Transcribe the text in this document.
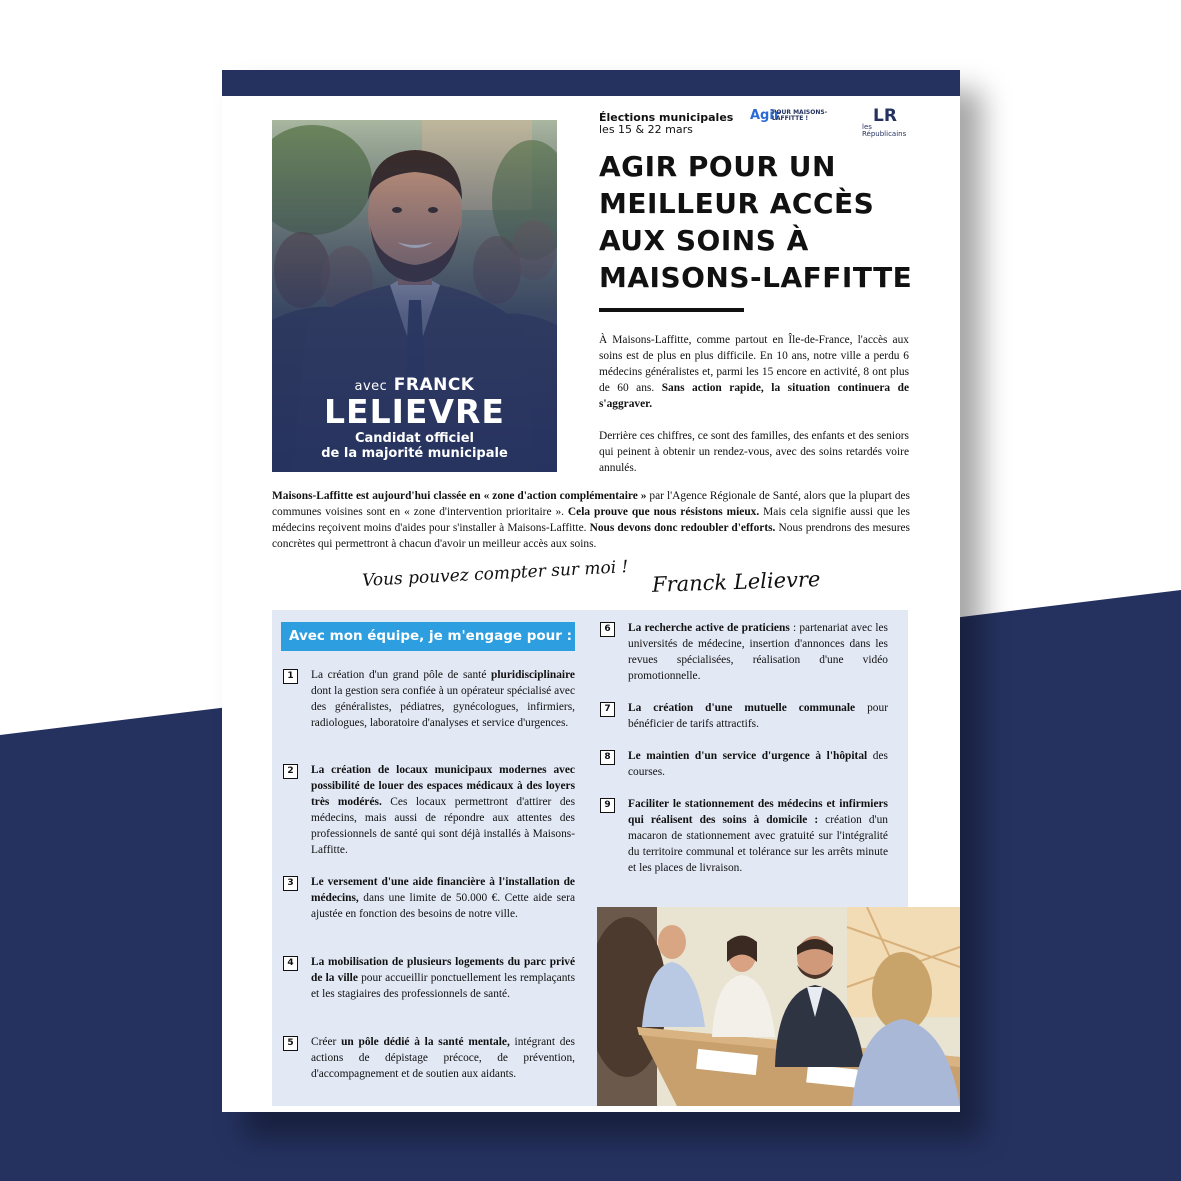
avec FRANCK
LELIEVRE
Candidat officiel
de la majorité municipale
Élections municipales
les 15 & 22 mars
Agir
POUR MAISONS-LAFFITTE !	LR
les Républicains
AGIR POUR UN MEILLEUR ACCÈS AUX SOINS À MAISONS-LAFFITTE

À Maisons-Laffitte, comme partout en Île-de-France, l'accès aux soins est de plus en plus difficile. En 10 ans, notre ville a perdu 6 médecins généralistes et, parmi les 15 encore en activité, 8 ont plus de 60 ans. Sans action rapide, la situation continuera de s'aggraver.

Derrière ces chiffres, ce sont des familles, des enfants et des seniors qui peinent à obtenir un rendez-vous, avec des soins retardés voire annulés.

Maisons-Laffitte est aujourd'hui classée en « zone d'action complémentaire » par l'Agence Régionale de Santé, alors que la plupart des communes voisines sont en « zone d'intervention prioritaire ». Cela prouve que nous résistons mieux. Mais cela signifie aussi que les médecins reçoivent moins d'aides pour s'installer à Maisons-Laffitte. Nous devons donc redoubler d'efforts. Nous prendrons des mesures concrètes qui permettront à chacun d'avoir un meilleur accès aux soins.
Vous pouvez compter sur moi ! Franck Lelievre
Avec mon équipe, je m'engage pour :
1	La création d'un grand pôle de santé pluridisciplinaire dont la gestion sera confiée à un opérateur spécialisé avec des généralistes, pédiatres, gynécologues, infirmiers, radiologues, laboratoire d'analyses et service d'urgences.
2	La création de locaux municipaux modernes avec possibilité de louer des espaces médicaux à des loyers très modérés. Ces locaux permettront d'attirer des médecins, mais aussi de répondre aux attentes des professionnels de santé qui sont déjà installés à Maisons-Laffitte.
3	Le versement d'une aide financière à l'installation de médecins, dans une limite de 50.000 €. Cette aide sera ajustée en fonction des besoins de notre ville.
4	La mobilisation de plusieurs logements du parc privé de la ville pour accueillir ponctuellement les remplaçants et les stagiaires des professionnels de santé.
5	Créer un pôle dédié à la santé mentale, intégrant des actions de dépistage précoce, de prévention, d'accompagnement et de soutien aux aidants.
6	La recherche active de praticiens : partenariat avec les universités de médecine, insertion d'annonces dans les revues spécialisées, réalisation d'une vidéo promotionnelle.
7	La création d'une mutuelle communale pour bénéficier de tarifs attractifs.
8	Le maintien d'un service d'urgence à l'hôpital des courses.
9	Faciliter le stationnement des médecins et infirmiers qui réalisent des soins à domicile : création d'un macaron de stationnement avec gratuité sur l'intégralité du territoire communal et tolérance sur les arrêts minute et les places de livraison.
